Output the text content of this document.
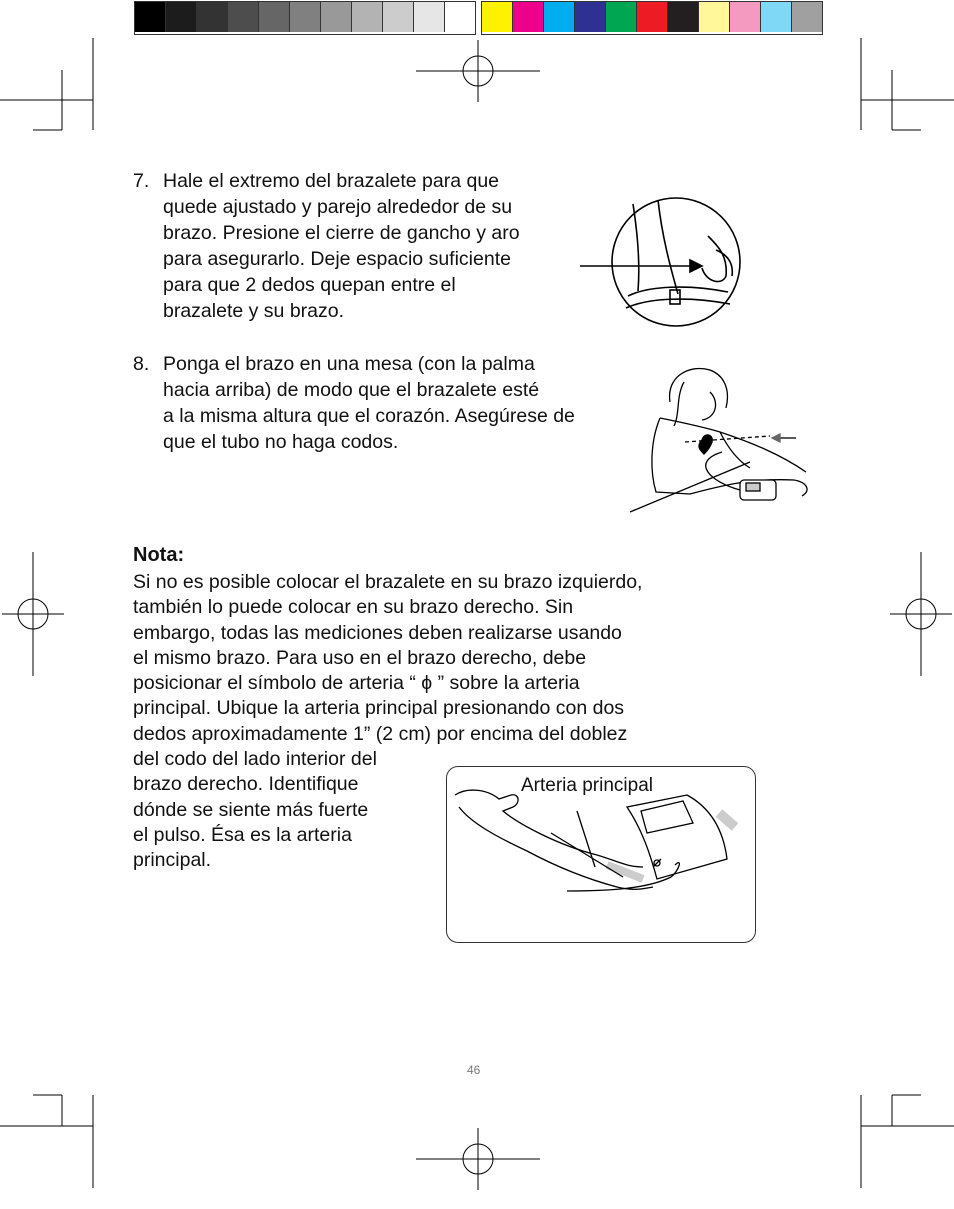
7. Hale el extremo del brazalete para que
quede ajustado y parejo alrededor de su
brazo. Presione el cierre de gancho y aro
para asegurarlo. Deje espacio suficiente
para que 2 dedos quepan entre el
brazalete y su brazo.
8. Ponga el brazo en una mesa (con la palma
hacia arriba) de modo que el brazalete esté
a la misma altura que el corazón. Asegúrese de
que el tubo no haga codos.
Nota:
Si no es posible colocar el brazalete en su brazo izquierdo,
también lo puede colocar en su brazo derecho. Sin
embargo, todas las mediciones deben realizarse usando
el mismo brazo. Para uso en el brazo derecho, debe
posicionar el símbolo de arteria “ ϕ ” sobre la arteria
principal. Ubique la arteria principal presionando con dos
dedos aproximadamente 1” (2 cm) por encima del doblez
del codo del lado interior del
brazo derecho. Identifique
dónde se siente más fuerte
el pulso. Ésa es la arteria
principal.
Arteria principal
46
